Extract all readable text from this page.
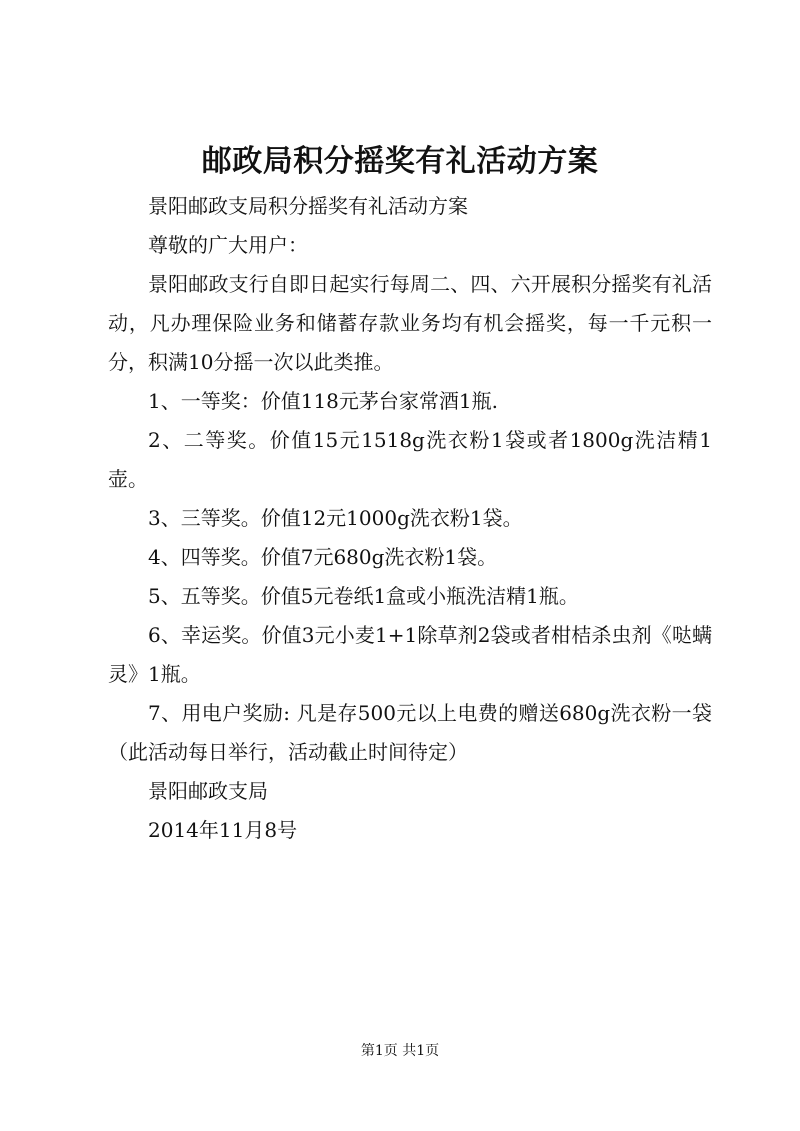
邮政局积分摇奖有礼活动方案

景阳邮政支局积分摇奖有礼活动方案

尊敬的广大用户：

景阳邮政支行自即日起实行每周二、四、六开展积分摇奖有礼活动，凡办理保险业务和储蓄存款业务均有机会摇奖，每一千元积一分，积满10分摇一次以此类推。

1、一等奖：价值118元茅台家常酒1瓶.

2、二等奖。价值15元1518g洗衣粉1袋或者1800g洗洁精1壶。

3、三等奖。价值12元1000g洗衣粉1袋。

4、四等奖。价值7元680g洗衣粉1袋。

5、五等奖。价值5元卷纸1盒或小瓶洗洁精1瓶。

6、幸运奖。价值3元小麦1+1除草剂2袋或者柑桔杀虫剂《哒螨灵》1瓶。

7、用电户奖励: 凡是存500元以上电费的赠送680g洗衣粉一袋（此活动每日举行，活动截止时间待定）

景阳邮政支局

2014年11月8号

第1页 共1页
